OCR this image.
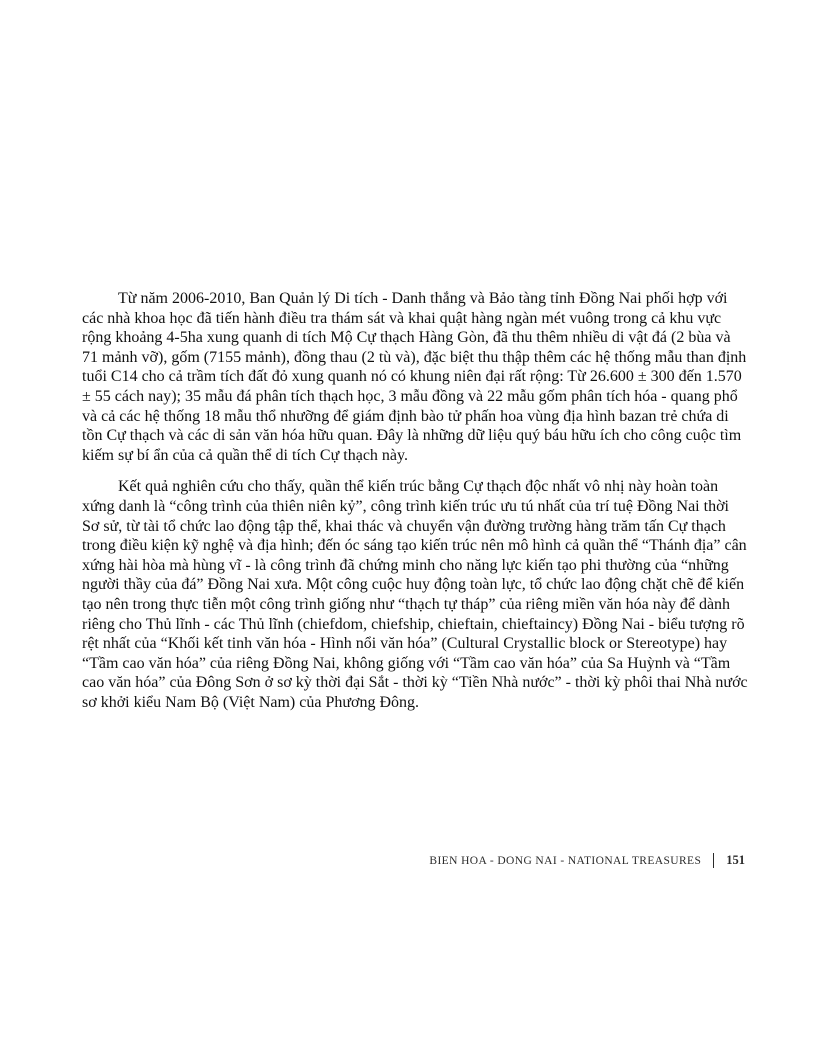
Từ năm 2006-2010, Ban Quản lý Di tích - Danh thắng và Bảo tàng tỉnh Đồng Nai phối hợp với các nhà khoa học đã tiến hành điều tra thám sát và khai quật hàng ngàn mét vuông trong cả khu vực rộng khoảng 4-5ha xung quanh di tích Mộ Cự thạch Hàng Gòn, đã thu thêm nhiều di vật đá (2 bùa và 71 mảnh vỡ), gốm (7155 mảnh), đồng thau (2 tù và), đặc biệt thu thập thêm các hệ thống mẫu than định tuổi C14 cho cả trầm tích đất đỏ xung quanh nó có khung niên đại rất rộng: Từ 26.600 ± 300 đến 1.570 ± 55 cách nay); 35 mẫu đá phân tích thạch học, 3 mẫu đồng và 22 mẫu gốm phân tích hóa - quang phổ và cả các hệ thống 18 mẫu thổ nhưỡng để giám định bào tử phấn hoa vùng địa hình bazan trẻ chứa di tồn Cự thạch và các di sản văn hóa hữu quan. Đây là những dữ liệu quý báu hữu ích cho công cuộc tìm kiếm sự bí ẩn của cả quần thể di tích Cự thạch này.

Kết quả nghiên cứu cho thấy, quần thể kiến trúc bằng Cự thạch độc nhất vô nhị này hoàn toàn xứng danh là “công trình của thiên niên kỷ”, công trình kiến trúc ưu tú nhất của trí tuệ Đồng Nai thời Sơ sử, từ tài tổ chức lao động tập thể, khai thác và chuyển vận đường trường hàng trăm tấn Cự thạch trong điều kiện kỹ nghệ và địa hình; đến óc sáng tạo kiến trúc nên mô hình cả quần thể “Thánh địa” cân xứng hài hòa mà hùng vĩ - là công trình đã chứng minh cho năng lực kiến tạo phi thường của “những người thầy của đá” Đồng Nai xưa. Một công cuộc huy động toàn lực, tổ chức lao động chặt chẽ để kiến tạo nên trong thực tiễn một công trình giống như “thạch tự tháp” của riêng miền văn hóa này để dành riêng cho Thủ lĩnh - các Thủ lĩnh (chiefdom, chiefship, chieftain, chieftaincy) Đồng Nai - biểu tượng rõ rệt nhất của “Khối kết tinh văn hóa - Hình nổi văn hóa” (Cultural Crystallic block or Stereotype) hay “Tầm cao văn hóa” của riêng Đồng Nai, không giống với “Tầm cao văn hóa” của Sa Huỳnh và “Tầm cao văn hóa” của Đông Sơn ở sơ kỳ thời đại Sắt - thời kỳ “Tiền Nhà nước” - thời kỳ phôi thai Nhà nước sơ khởi kiểu Nam Bộ (Việt Nam) của Phương Đông.

BIEN HOA - DONG NAI - NATIONAL TREASURES 151
